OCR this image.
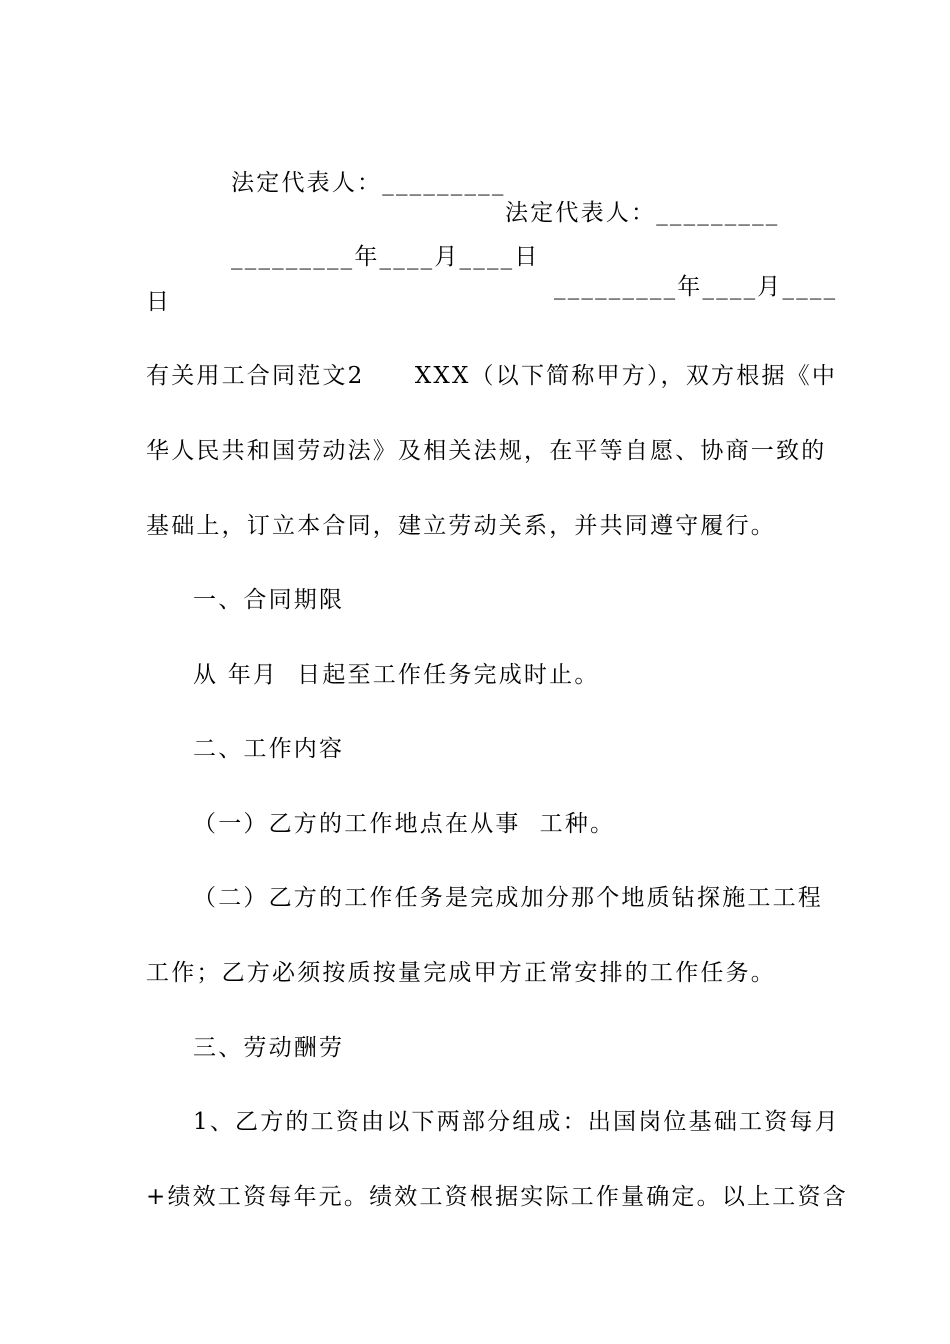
法定代表人：_________

法定代表人：_________

_________年____月____日

_________年____月____

日
有关用工合同范文2　　XXX（以下简称甲方），双方根据《中
华人民共和国劳动法》及相关法规，在平等自愿、协商一致的
基础上，订立本合同，建立劳动关系，并共同遵守履行。
一、合同期限
从 年月  日起至工作任务完成时止。
二、工作内容
（一）乙方的工作地点在从事  工种。
（二）乙方的工作任务是完成加分那个地质钻探施工工程
工作；乙方必须按质按量完成甲方正常安排的工作任务。
三、劳动酬劳
1、乙方的工资由以下两部分组成：出国岗位基础工资每月
+绩效工资每年元。绩效工资根据实际工作量确定。以上工资含
